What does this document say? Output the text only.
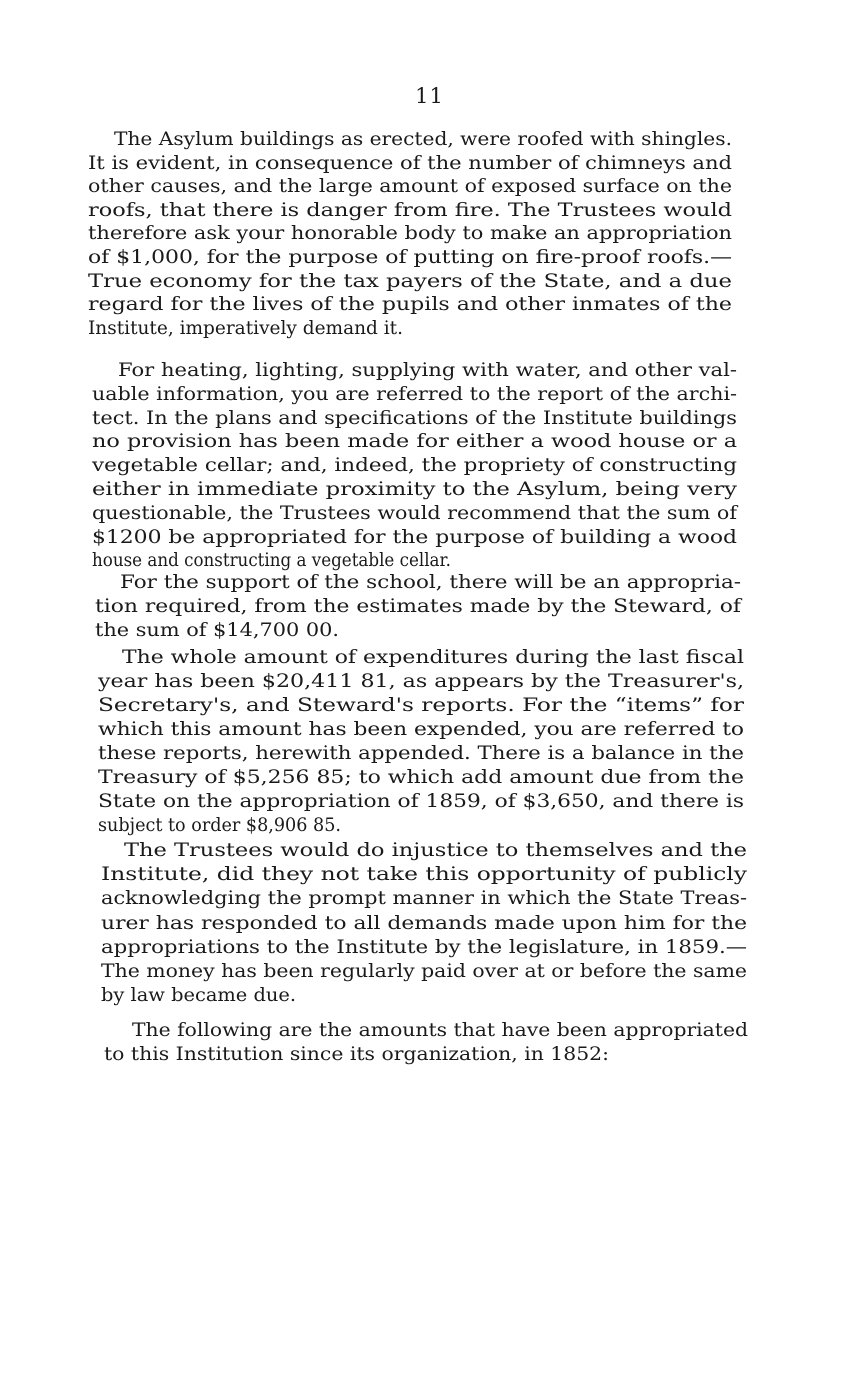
11
The Asylum buildings as erected, were roofed with shingles.
It is evident, in consequence of the number of chimneys and
other causes, and the large amount of exposed surface on the
roofs, that there is danger from fire. The Trustees would
therefore ask your honorable body to make an appropriation
of $1,000, for the purpose of putting on fire-proof roofs.—
True economy for the tax payers of the State, and a due
regard for the lives of the pupils and other inmates of the
Institute, imperatively demand it.
For heating, lighting, supplying with water, and other val-
uable information, you are referred to the report of the archi-
tect. In the plans and specifications of the Institute buildings
no provision has been made for either a wood house or a
vegetable cellar; and, indeed, the propriety of constructing
either in immediate proximity to the Asylum, being very
questionable, the Trustees would recommend that the sum of
$1200 be appropriated for the purpose of building a wood
house and constructing a vegetable cellar.
For the support of the school, there will be an appropria-
tion required, from the estimates made by the Steward, of
the sum of $14,700 00.
The whole amount of expenditures during the last fiscal
year has been $20,411 81, as appears by the Treasurer's,
Secretary's, and Steward's reports. For the “items” for
which this amount has been expended, you are referred to
these reports, herewith appended. There is a balance in the
Treasury of $5,256 85; to which add amount due from the
State on the appropriation of 1859, of $3,650, and there is
subject to order $8,906 85.
The Trustees would do injustice to themselves and the
Institute, did they not take this opportunity of publicly
acknowledging the prompt manner in which the State Treas-
urer has responded to all demands made upon him for the
appropriations to the Institute by the legislature, in 1859.—
The money has been regularly paid over at or before the same
by law became due.
The following are the amounts that have been appropriated
to this Institution since its organization, in 1852:
